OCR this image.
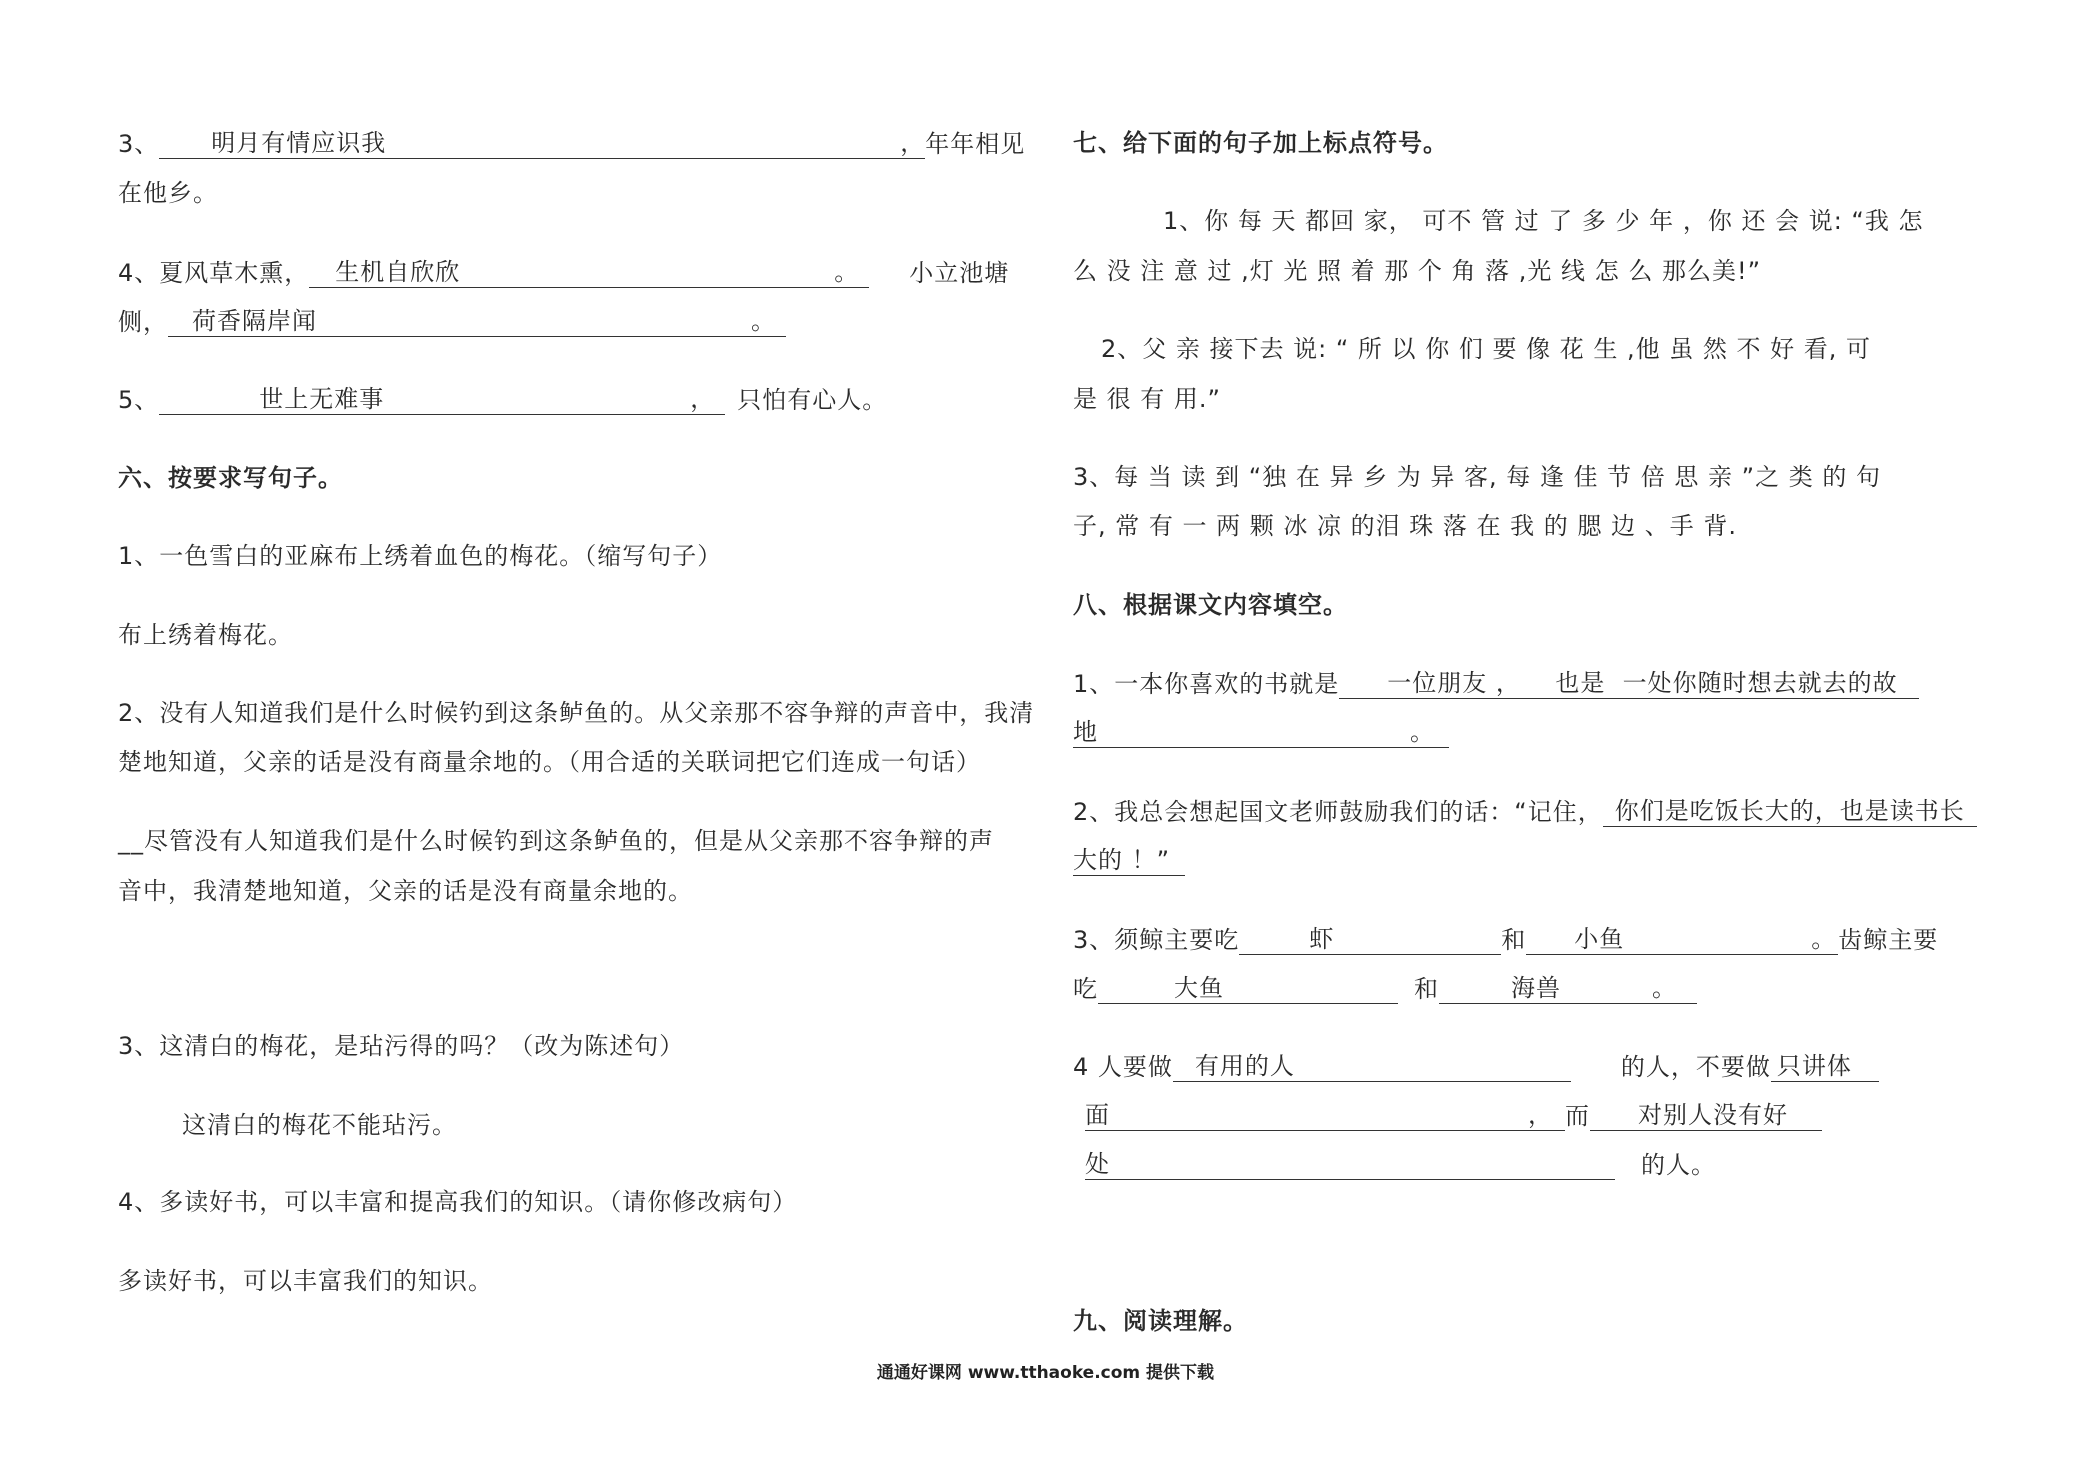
3、 明月有情应识我	， 年年相见
在他乡。
4、夏风草木熏， 生机自欣欣	。 小立池塘
侧， 荷香隔岸闻	。
5、	世上无难事	， 只怕有心人。
六、按要求写句子。
1、一色雪白的亚麻布上绣着血色的梅花。（缩写句子）
布上绣着梅花。
2、没有人知道我们是什么时候钓到这条鲈鱼的。从父亲那不容争辩的声音中，我清
楚地知道，父亲的话是没有商量余地的。（用合适的关联词把它们连成一句话）
__尽管没有人知道我们是什么时候钓到这条鲈鱼的，但是从父亲那不容争辩的声
音中，我清楚地知道，父亲的话是没有商量余地的。
3、这清白的梅花，是玷污得的吗？（改为陈述句）
这清白的梅花不能玷污。
4、多读好书，可以丰富和提高我们的知识。（请你修改病句）
多读好书，可以丰富我们的知识。
七、给下面的句子加上标点符号。
1、你 每 天 都回 家， 可不 管 过 了 多 少 年 ，你 还 会 说: “我 怎
么 没 注 意 过 ,灯 光 照 着 那 个 角 落 ,光 线 怎 么 那么美!”
2、父 亲 接下去 说: “ 所 以 你 们 要 像 花 生 ,他 虽 然 不 好 看, 可
是 很 有 用.”
3、每 当 读 到 “独 在 异 乡 为 异 客, 每 逢 佳 节 倍 思 亲 ”之 类 的 句
子, 常 有 一 两 颗 冰 凉 的泪 珠 落 在 我 的 腮 边 、手 背.
八、根据课文内容填空。
1、一本你喜欢的书就是 一位朋友 ，    也是  一处你随时想去就去的故
地	。
2、我总会想起国文老师鼓励我们的话：“记住， 你们是吃饭长大的，也是读书长
大的 ！”
3、须鲸主要吃	虾	和 小鱼	。 齿鲸主要
吃	大鱼	和	海兽	。
4 人要做 有用的人	的人，不要做 只讲体
面	， 而 对别人没有好
处	的人。
九、阅读理解。
通通好课网 www.tthaoke.com 提供下载
